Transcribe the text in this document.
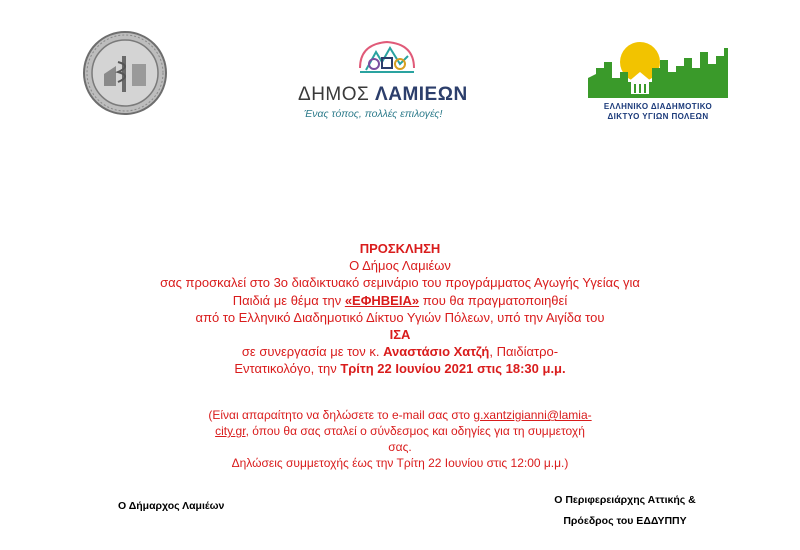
ΔΗΜΟΣ ΛΑΜΙΕΩΝ
Ένας τόπος, πολλές επιλογές!
ΕΛΛΗΝΙΚΟ ΔΙΑΔΗΜΟΤΙΚΟ
ΔΙΚΤΥΟ ΥΓΙΩΝ ΠΟΛΕΩΝ
ΠΡΟΣΚΛΗΣΗ
Ο Δήμος Λαμιέων
σας προσκαλεί στο 3ο διαδικτυακό σεμινάριο του προγράμματος Αγωγής Υγείας για
Παιδιά με θέμα την «ΕΦΗΒΕΙΑ» που θα πραγματοποιηθεί
από το Ελληνικό Διαδημοτικό Δίκτυο Υγιών Πόλεων, υπό την Αιγίδα του
ΙΣΑ
σε συνεργασία με τον κ. Αναστάσιο Χατζή, Παιδίατρο-
Εντατικολόγο, την Τρίτη 22 Ιουνίου 2021 στις 18:30 μ.μ.
(Είναι απαραίτητο να δηλώσετε το e-mail σας στο g.xantzigianni@lamia-
city.gr, όπου θα σας σταλεί ο σύνδεσμος και οδηγίες για τη συμμετοχή
σας.
Δηλώσεις συμμετοχής έως την Τρίτη 22 Ιουνίου στις 12:00 μ.μ.)
Ο Δήμαρχος Λαμιέων	Ο Περιφερειάρχης Αττικής &
Πρόεδρος του ΕΔΔΥΠΠΥ
